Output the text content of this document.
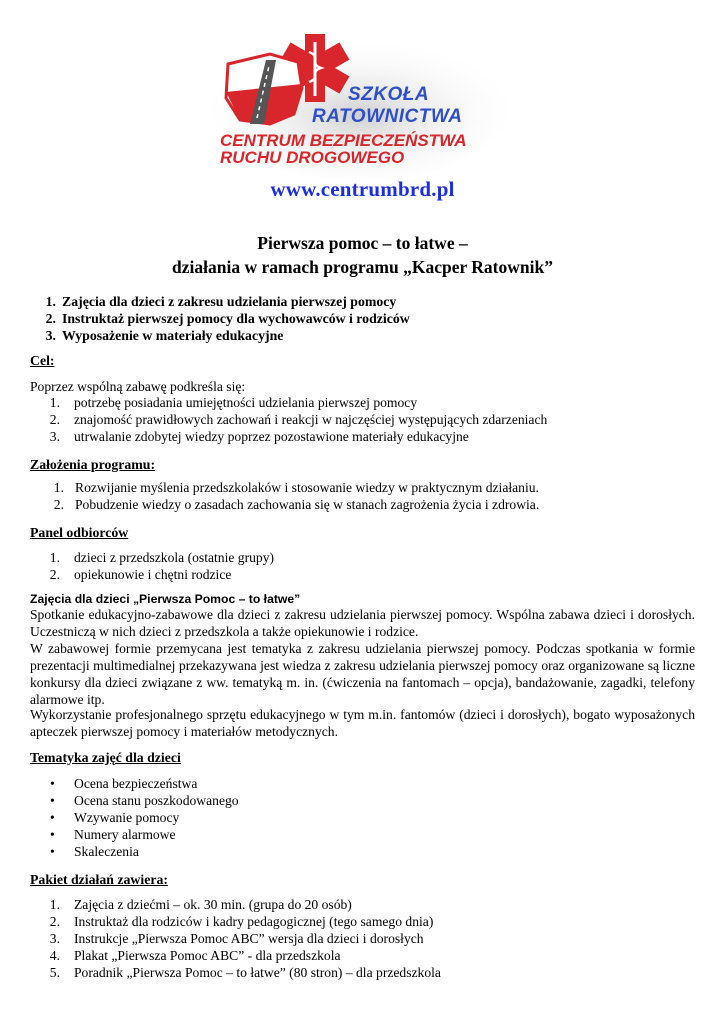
SZKOŁA
RATOWNICTWA
CENTRUM BEZPIECZEŃSTWA
RUCHU DROGOWEGO
www.centrumbrd.pl
Pierwsza pomoc – to łatwe –
działania w ramach programu „Kacper Ratownik”
1. Zajęcia dla dzieci z zakresu udzielania pierwszej pomocy
2. Instruktaż pierwszej pomocy dla wychowawców i rodziców
3. Wyposażenie w materiały edukacyjne
Cel:
Poprzez wspólną zabawę podkreśla się:
1. potrzebę posiadania umiejętności udzielania pierwszej pomocy
2. znajomość prawidłowych zachowań i reakcji w najczęściej występujących zdarzeniach
3. utrwalanie zdobytej wiedzy poprzez pozostawione materiały edukacyjne
Założenia programu:
1. Rozwijanie myślenia przedszkolaków i stosowanie wiedzy w praktycznym działaniu.
2. Pobudzenie wiedzy o zasadach zachowania się w stanach zagrożenia życia i zdrowia.
Panel odbiorców
1. dzieci z przedszkola (ostatnie grupy)
2. opiekunowie i chętni rodzice
Zajęcia dla dzieci „Pierwsza Pomoc – to łatwe”
Spotkanie edukacyjno-zabawowe dla dzieci z zakresu udzielania pierwszej pomocy. Wspólna zabawa dzieci i dorosłych. Uczestniczą w nich dzieci z przedszkola a także opiekunowie i rodzice.
W zabawowej formie przemycana jest tematyka z zakresu udzielania pierwszej pomocy. Podczas spotkania w formie prezentacji multimedialnej przekazywana jest wiedza z zakresu udzielania pierwszej pomocy oraz organizowane są liczne konkursy dla dzieci związane z ww. tematyką m. in. (ćwiczenia na fantomach – opcja), bandażowanie, zagadki, telefony alarmowe itp.
Wykorzystanie profesjonalnego sprzętu edukacyjnego w tym m.in. fantomów (dzieci i dorosłych), bogato wyposażonych apteczek pierwszej pomocy i materiałów metodycznych.
Tematyka zajęć dla dzieci
• Ocena bezpieczeństwa
• Ocena stanu poszkodowanego
• Wzywanie pomocy
• Numery alarmowe
• Skaleczenia
Pakiet działań zawiera:
1. Zajęcia z dziećmi – ok. 30 min. (grupa do 20 osób)
2. Instruktaż dla rodziców i kadry pedagogicznej (tego samego dnia)
3. Instrukcje „Pierwsza Pomoc ABC” wersja dla dzieci i dorosłych
4. Plakat „Pierwsza Pomoc ABC” - dla przedszkola
5. Poradnik „Pierwsza Pomoc – to łatwe” (80 stron) – dla przedszkola
